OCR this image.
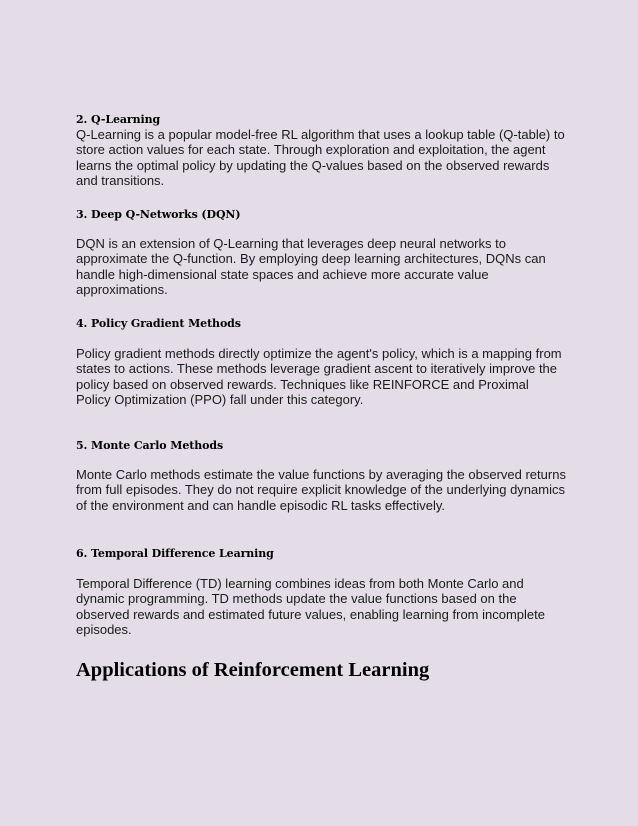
2. Q-Learning

Q-Learning is a popular model-free RL algorithm that uses a lookup table (Q-table) to store action values for each state. Through exploration and exploitation, the agent learns the optimal policy by updating the Q-values based on the observed rewards and transitions.

3. Deep Q-Networks (DQN)

DQN is an extension of Q-Learning that leverages deep neural networks to approximate the Q-function. By employing deep learning architectures, DQNs can handle high-dimensional state spaces and achieve more accurate value approximations.

4. Policy Gradient Methods

Policy gradient methods directly optimize the agent's policy, which is a mapping from states to actions. These methods leverage gradient ascent to iteratively improve the policy based on observed rewards. Techniques like REINFORCE and Proximal Policy Optimization (PPO) fall under this category.

5. Monte Carlo Methods

Monte Carlo methods estimate the value functions by averaging the observed returns from full episodes. They do not require explicit knowledge of the underlying dynamics of the environment and can handle episodic RL tasks effectively.

6. Temporal Difference Learning

Temporal Difference (TD) learning combines ideas from both Monte Carlo and dynamic programming. TD methods update the value functions based on the observed rewards and estimated future values, enabling learning from incomplete episodes.

Applications of Reinforcement Learning
